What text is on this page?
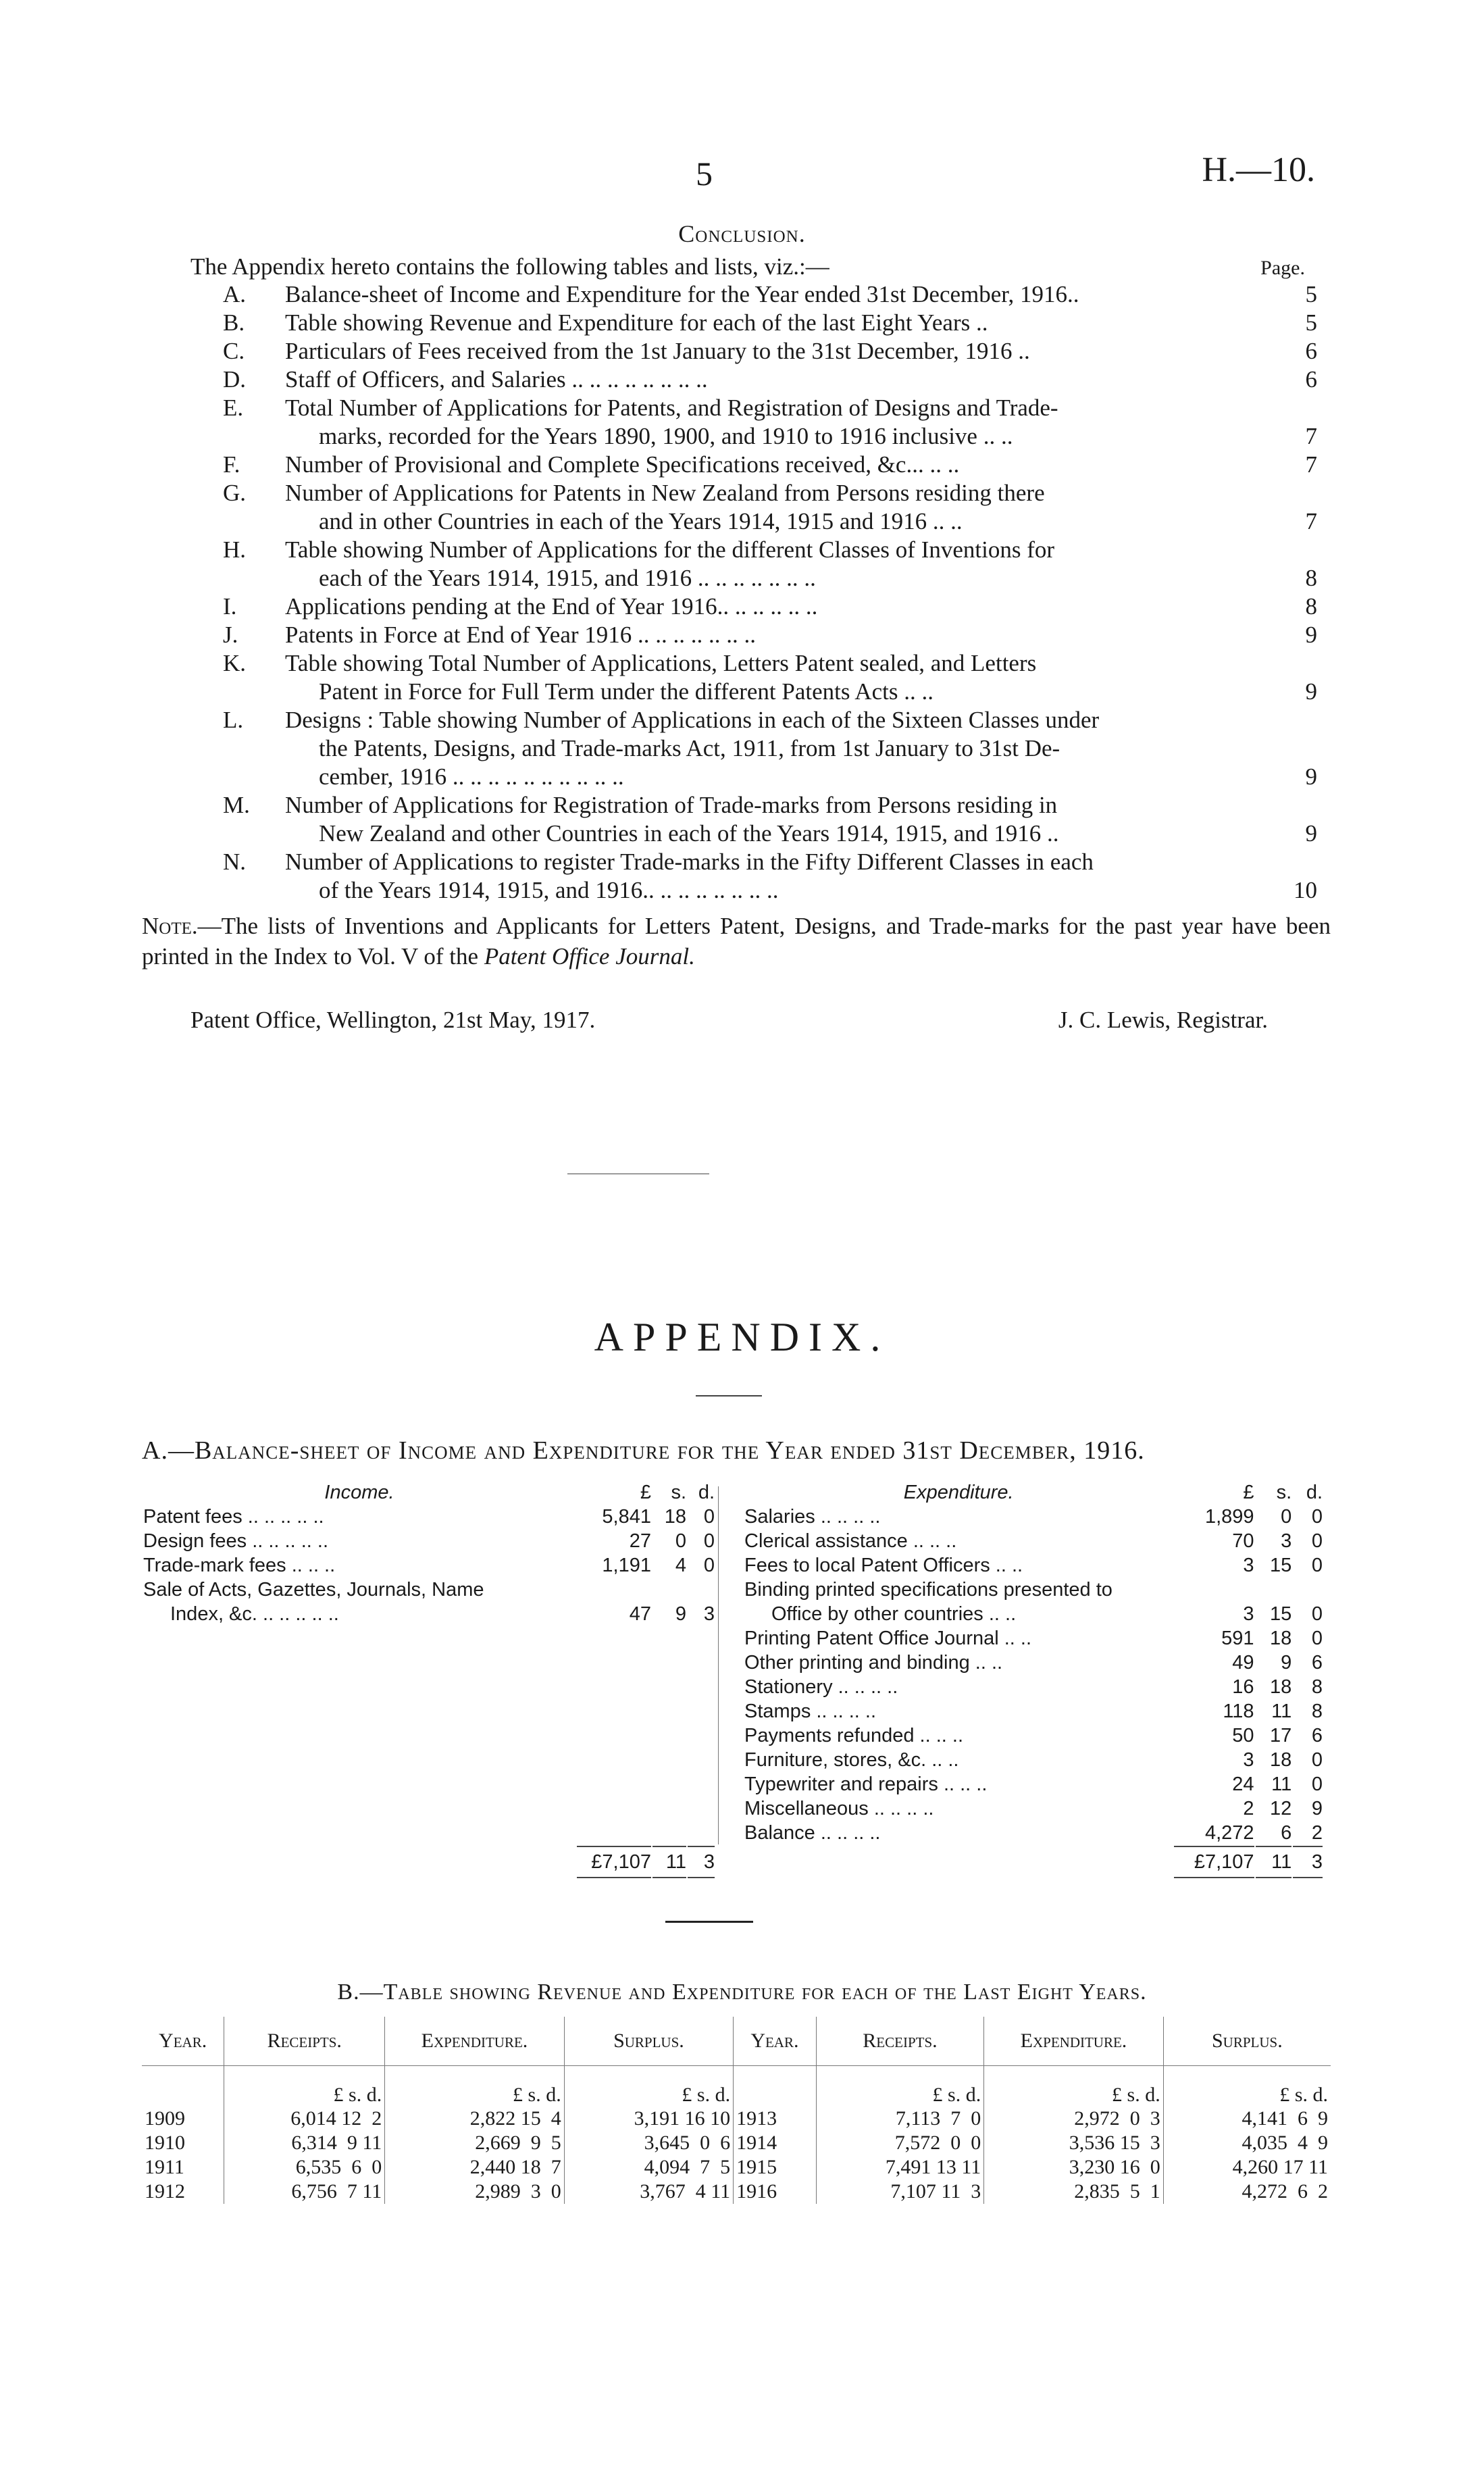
5	H.—10.
Conclusion.
The Appendix hereto contains the following tables and lists, viz.:—	Page.
A.	Balance-sheet of Income and Expenditure for the Year ended 31st December, 1916..	5
B.	Table showing Revenue and Expenditure for each of the last Eight Years ..	5
C.	Particulars of Fees received from the 1st January to the 31st December, 1916 ..	6
D.	Staff of Officers, and Salaries .. .. .. .. .. .. .. ..	6
E.	Total Number of Applications for Patents, and Registration of Designs and Trade-
marks, recorded for the Years 1890, 1900, and 1910 to 1916 inclusive .. ..	7
F.	Number of Provisional and Complete Specifications received, &c... .. ..	7
G.	Number of Applications for Patents in New Zealand from Persons residing there
and in other Countries in each of the Years 1914, 1915 and 1916 .. ..	7
H.	Table showing Number of Applications for the different Classes of Inventions for
each of the Years 1914, 1915, and 1916 .. .. .. .. .. .. ..	8
I.	Applications pending at the End of Year 1916.. .. .. .. .. ..	8
J.	Patents in Force at End of Year 1916 .. .. .. .. .. .. ..	9
K.	Table showing Total Number of Applications, Letters Patent sealed, and Letters
Patent in Force for Full Term under the different Patents Acts .. ..	9
L.	Designs : Table showing Number of Applications in each of the Sixteen Classes under
the Patents, Designs, and Trade-marks Act, 1911, from 1st January to 31st De-
cember, 1916 .. .. .. .. .. .. .. .. .. ..	9
M.	Number of Applications for Registration of Trade-marks from Persons residing in
New Zealand and other Countries in each of the Years 1914, 1915, and 1916 ..	9
N.	Number of Applications to register Trade-marks in the Fifty Different Classes in each
of the Years 1914, 1915, and 1916.. .. .. .. .. .. .. ..	10
Note.—The lists of Inventions and Applicants for Letters Patent, Designs, and Trade-marks for the past year have been printed in the Index to Vol. V of the Patent Office Journal.
Patent Office, Wellington, 21st May, 1917.	J. C. Lewis, Registrar.
APPENDIX.
A.—Balance-sheet of Income and Expenditure for the Year ended 31st December, 1916.
Income.	£	s.	d.
Patent fees .. .. .. .. ..	5,841	18	0
Design fees .. .. .. .. ..	27	0	0
Trade-mark fees .. .. ..	1,191	4	0
Sale of Acts, Gazettes, Journals, Name			
Index, &c. .. .. .. .. ..	47	9	3

	£7,107	11	3
Expenditure.	£	s.	d.
Salaries .. .. .. ..	1,899	0	0
Clerical assistance .. .. ..	70	3	0
Fees to local Patent Officers .. ..	3	15	0
Binding printed specifications presented to			
Office by other countries .. ..	3	15	0
Printing Patent Office Journal .. ..	591	18	0
Other printing and binding .. ..	49	9	6
Stationery .. .. .. ..	16	18	8
Stamps .. .. .. ..	118	11	8
Payments refunded .. .. ..	50	17	6
Furniture, stores, &c. .. ..	3	18	0
Typewriter and repairs .. .. ..	24	11	0
Miscellaneous .. .. .. ..	2	12	9
Balance .. .. .. ..	4,272	6	2
	£7,107	11	3
B.—Table showing Revenue and Expenditure for each of the Last Eight Years.
Year.	Receipts.	Expenditure.	Surplus.	Year.	Receipts.	Expenditure.	Surplus.
	£ s. d.	£ s. d.	£ s. d.		£ s. d.	£ s. d.	£ s. d.
1909	6,014 12  2	2,822 15  4	3,191 16 10	1913	7,113  7  0	2,972  0  3	4,141  6  9
1910	6,314  9 11	2,669  9  5	3,645  0  6	1914	7,572  0  0	3,536 15  3	4,035  4  9
1911	6,535  6  0	2,440 18  7	4,094  7  5	1915	7,491 13 11	3,230 16  0	4,260 17 11
1912	6,756  7 11	2,989  3  0	3,767  4 11	1916	7,107 11  3	2,835  5  1	4,272  6  2
